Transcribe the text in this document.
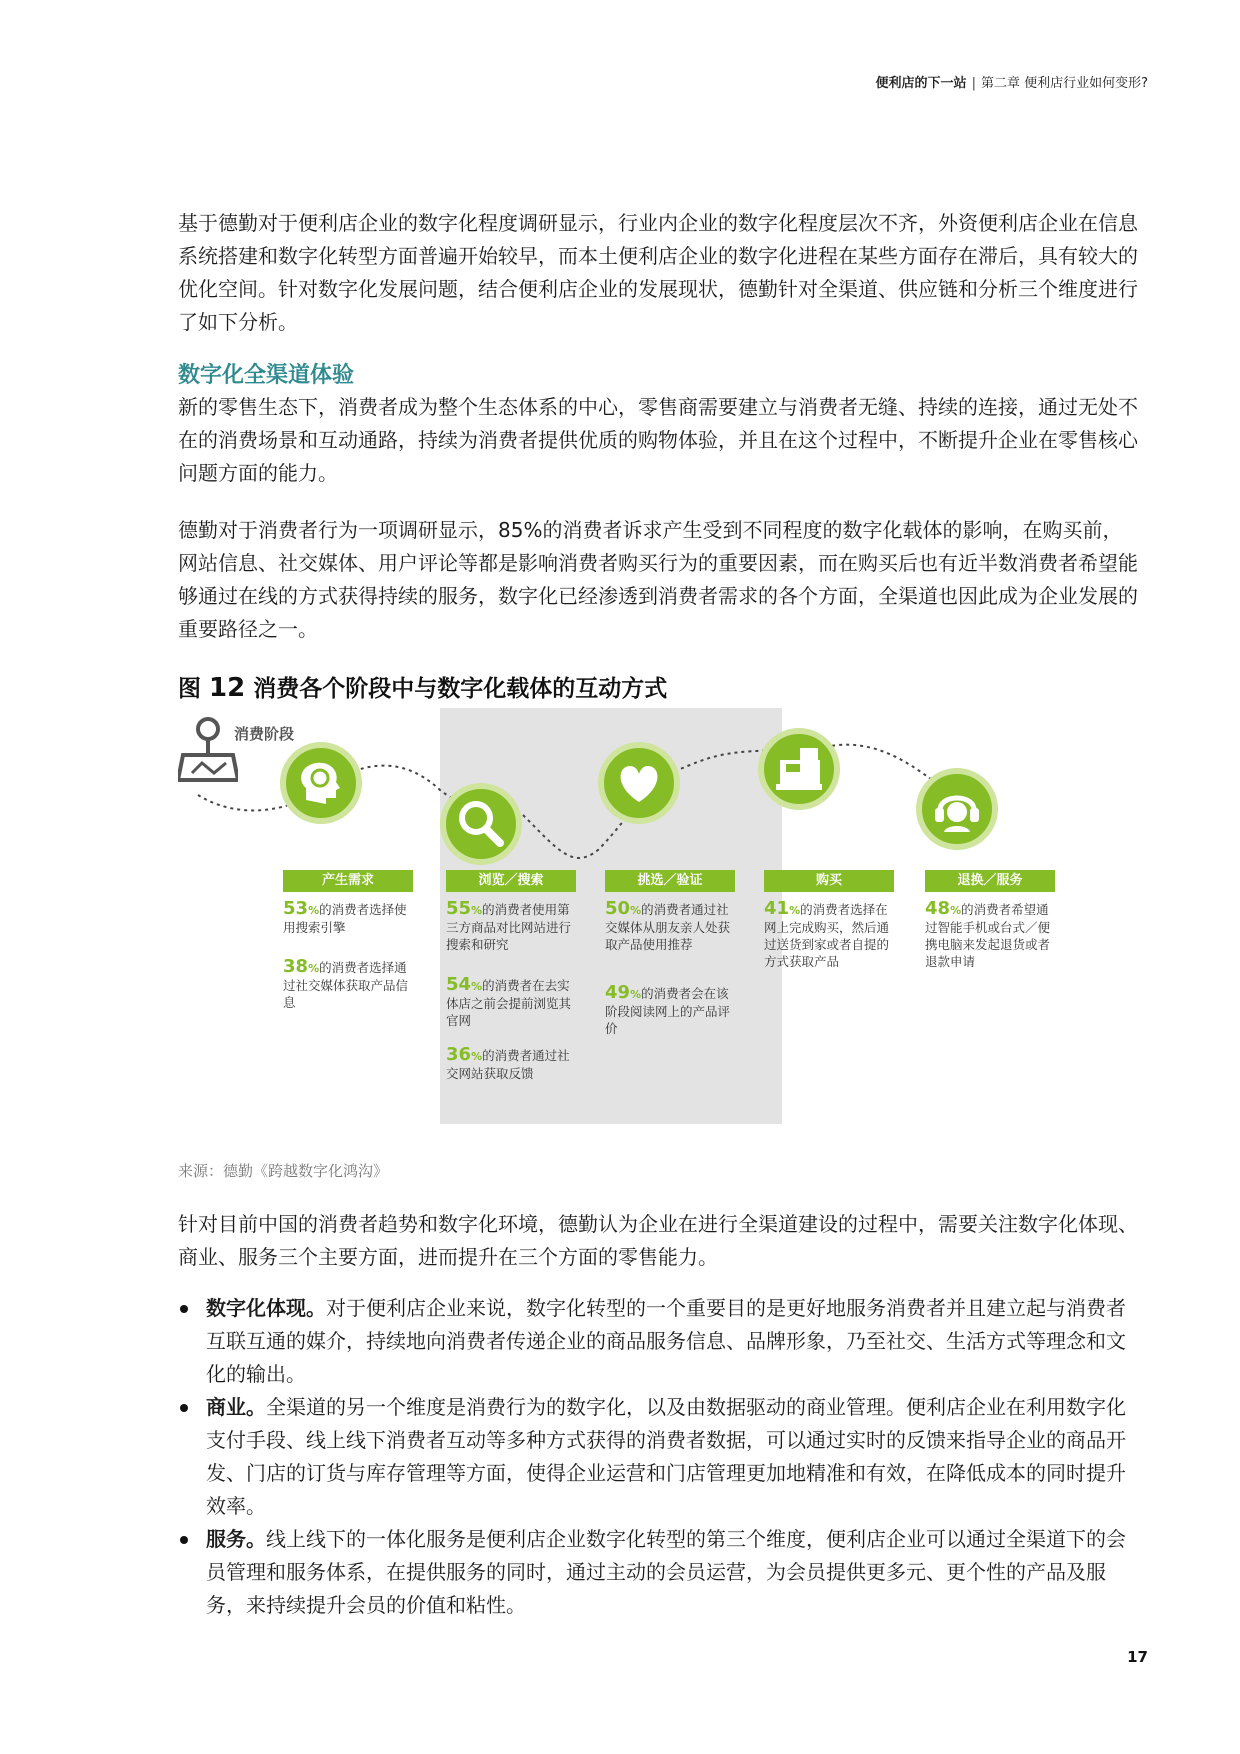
便利店的下一站 | 第二章 便利店行业如何变形?

基于德勤对于便利店企业的数字化程度调研显示，行业内企业的数字化程度层次不齐，外资便利店企业在信息系统搭建和数字化转型方面普遍开始较早，而本土便利店企业的数字化进程在某些方面存在滞后，具有较大的优化空间。针对数字化发展问题，结合便利店企业的发展现状，德勤针对全渠道、供应链和分析三个维度进行了如下分析。

数字化全渠道体验

新的零售生态下，消费者成为整个生态体系的中心，零售商需要建立与消费者无缝、持续的连接，通过无处不在的消费场景和互动通路，持续为消费者提供优质的购物体验，并且在这个过程中，不断提升企业在零售核心问题方面的能力。

德勤对于消费者行为一项调研显示，85%的消费者诉求产生受到不同程度的数字化载体的影响，在购买前，网站信息、社交媒体、用户评论等都是影响消费者购买行为的重要因素，而在购买后也有近半数消费者希望能够通过在线的方式获得持续的服务，数字化已经渗透到消费者需求的各个方面，全渠道也因此成为企业发展的重要路径之一。

图 12 消费各个阶段中与数字化载体的互动方式
消费阶段
产生需求	浏览／搜索	挑选／验证	购买	退换／服务
53%的消费者选择使用搜索引擎
38%的消费者选择通过社交媒体获取产品信息
55%的消费者使用第三方商品对比网站进行搜索和研究
54%的消费者在去实体店之前会提前浏览其官网
36%的消费者通过社交网站获取反馈
50%的消费者通过社交媒体从朋友亲人处获取产品使用推荐
49%的消费者会在该阶段阅读网上的产品评价
41%的消费者选择在网上完成购买，然后通过送货到家或者自提的方式获取产品
48%的消费者希望通过智能手机或台式／便携电脑来发起退货或者退款申请

来源：德勤《跨越数字化鸿沟》

针对目前中国的消费者趋势和数字化环境，德勤认为企业在进行全渠道建设的过程中，需要关注数字化体现、商业、服务三个主要方面，进而提升在三个方面的零售能力。

数字化体现。对于便利店企业来说，数字化转型的一个重要目的是更好地服务消费者并且建立起与消费者互联互通的媒介，持续地向消费者传递企业的商品服务信息、品牌形象，乃至社交、生活方式等理念和文化的输出。
商业。全渠道的另一个维度是消费行为的数字化，以及由数据驱动的商业管理。便利店企业在利用数字化支付手段、线上线下消费者互动等多种方式获得的消费者数据，可以通过实时的反馈来指导企业的商品开发、门店的订货与库存管理等方面，使得企业运营和门店管理更加地精准和有效，在降低成本的同时提升效率。
服务。线上线下的一体化服务是便利店企业数字化转型的第三个维度，便利店企业可以通过全渠道下的会员管理和服务体系，在提供服务的同时，通过主动的会员运营，为会员提供更多元、更个性的产品及服务，来持续提升会员的价值和粘性。
17
